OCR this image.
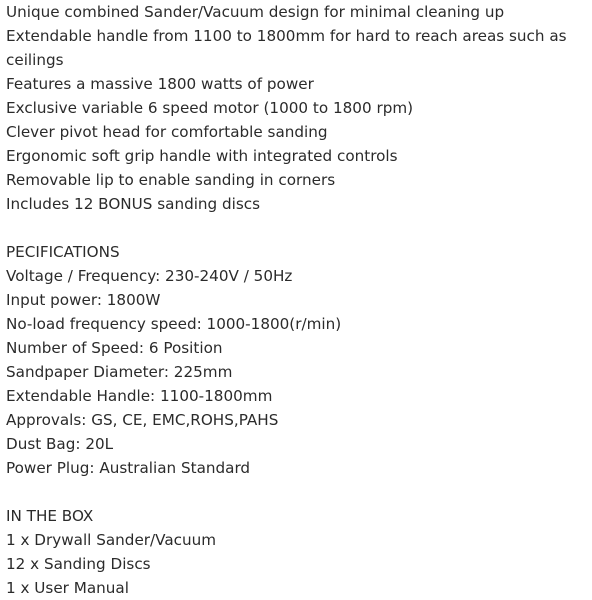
Unique combined Sander/Vacuum design for minimal cleaning up
Extendable handle from 1100 to 1800mm for hard to reach areas such as ceilings
Features a massive 1800 watts of power
Exclusive variable 6 speed motor (1000 to 1800 rpm)
Clever pivot head for comfortable sanding
Ergonomic soft grip handle with integrated controls
Removable lip to enable sanding in corners
Includes 12 BONUS sanding discs
PECIFICATIONS
Voltage / Frequency: 230-240V / 50Hz
Input power: 1800W
No-load frequency speed: 1000-1800(r/min)
Number of Speed: 6 Position
Sandpaper Diameter: 225mm
Extendable Handle: 1100-1800mm
Approvals: GS, CE, EMC,ROHS,PAHS
Dust Bag: 20L
Power Plug: Australian Standard
IN THE BOX
1 x Drywall Sander/Vacuum
12 x Sanding Discs
1 x User Manual
